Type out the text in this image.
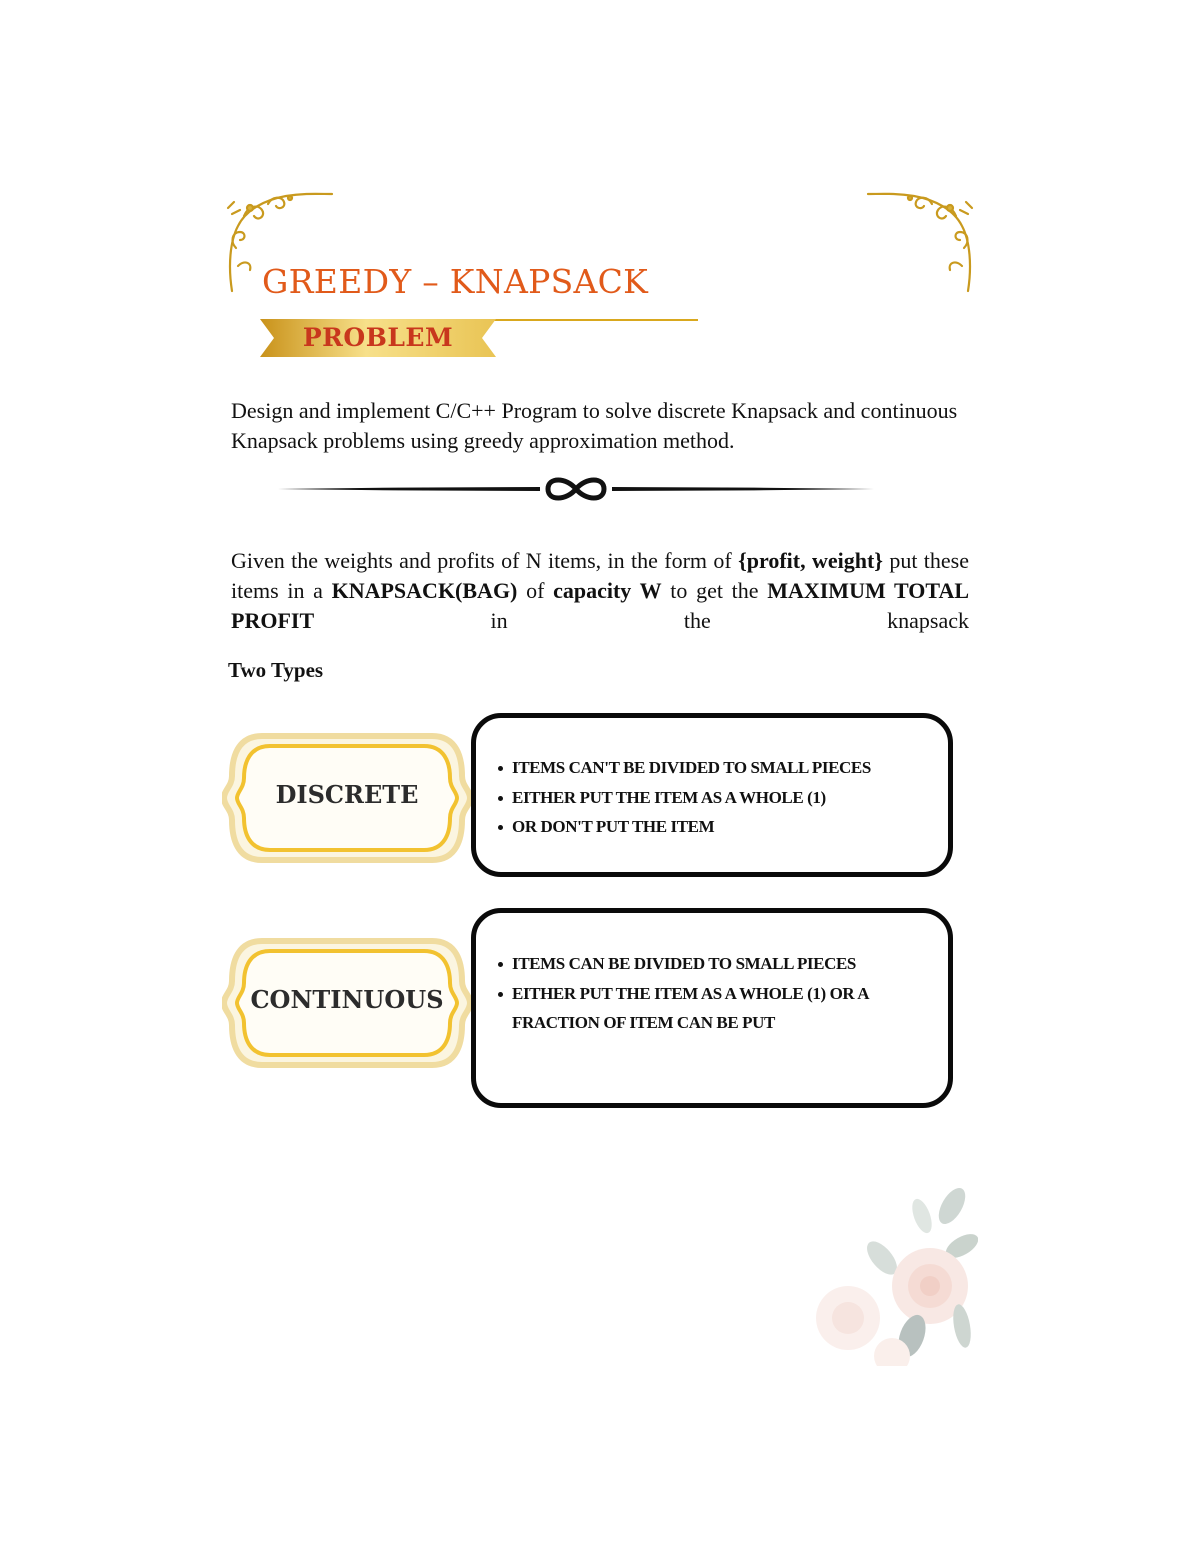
GREEDY – KNAPSACK
PROBLEM
Design and implement C/C++ Program to solve discrete Knapsack and continuous Knapsack problems using greedy approximation method.
Given the weights and profits of N items, in the form of {profit, weight} put these items in a KNAPSACK(BAG) of capacity W to get the MAXIMUM TOTAL PROFIT in the knapsack
Two Types
DISCRETE
ITEMS CAN'T BE DIVIDED TO SMALL PIECES
EITHER PUT THE ITEM AS A WHOLE (1)
OR DON'T PUT THE ITEM
CONTINUOUS
ITEMS CAN BE DIVIDED TO SMALL PIECES
EITHER PUT THE ITEM AS A WHOLE (1) OR A FRACTION OF ITEM CAN BE PUT
